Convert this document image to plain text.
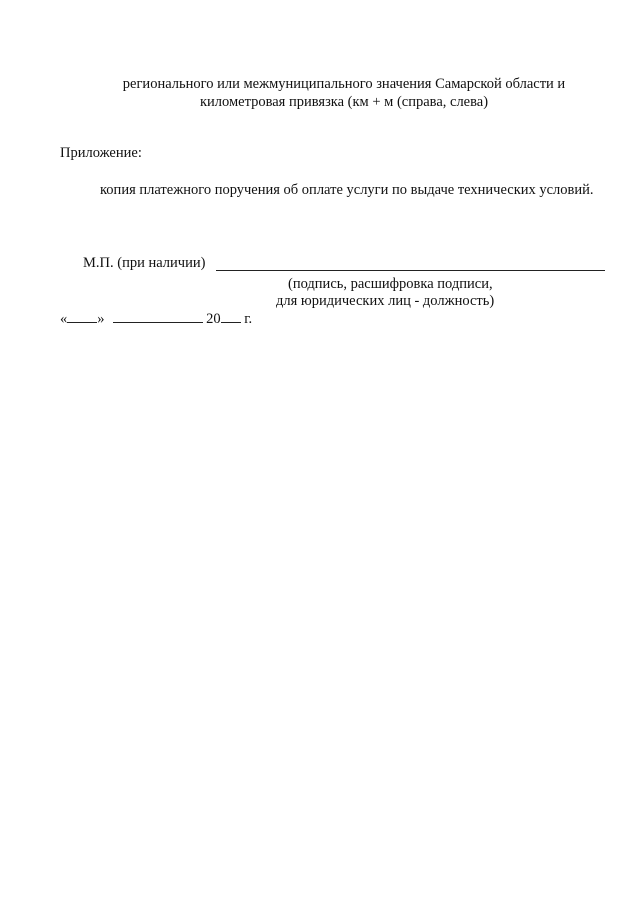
регионального или межмуниципального значения Самарской области и
километровая привязка (км + м (справа, слева)
Приложение:
копия платежного поручения об оплате услуги по выдаче технических условий.
М.П. (при наличии)
(подпись, расшифровка подписи,
для юридических лиц - должность)
« »	20 г.
